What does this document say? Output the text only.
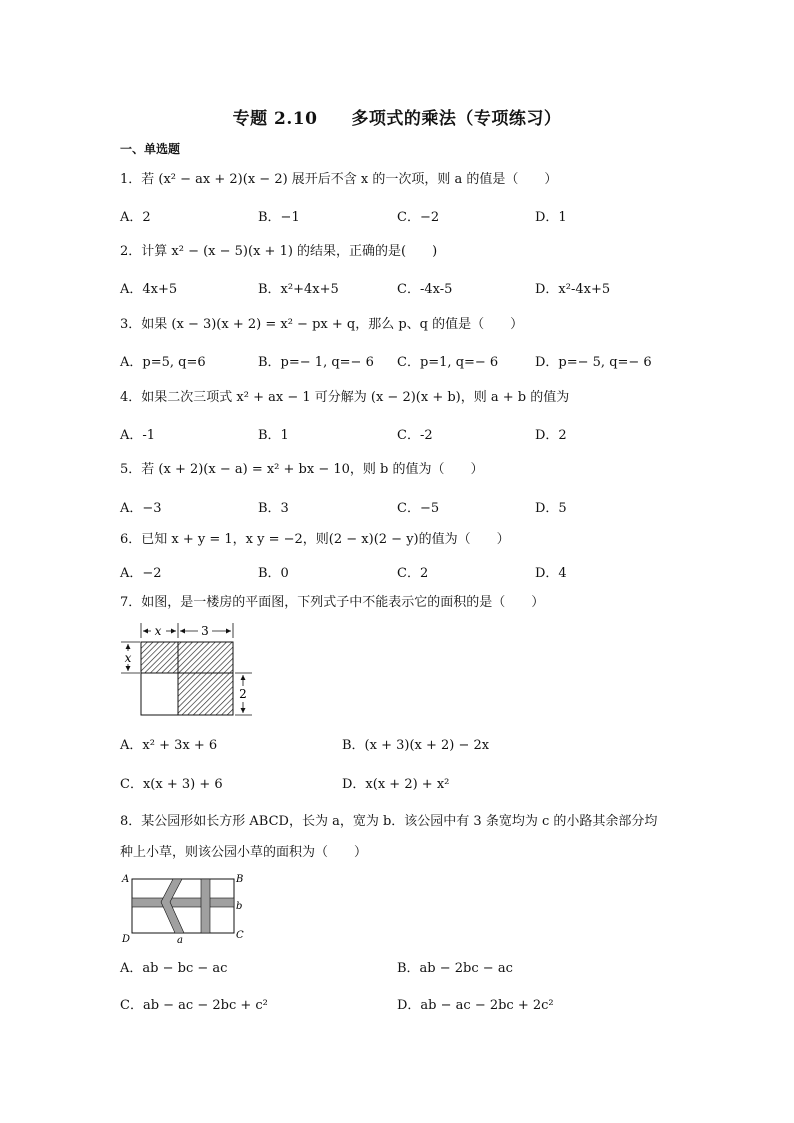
专题 2.10 多项式的乘法（专项练习）
一、单选题
1．若 (x² − ax + 2)(x − 2) 展开后不含 x 的一次项，则 a 的值是（　　）
A．2	B．−1	C．−2	D．1
2．计算 x² − (x − 5)(x + 1) 的结果，正确的是(　　)
A．4x+5	B．x²+4x+5	C．-4x-5	D．x²-4x+5
3．如果 (x − 3)(x + 2) = x² − px + q，那么 p、q 的值是（　　）
A．p=5, q=6	B．p=− 1, q=− 6 C．p=1, q=− 6	D．p=− 5, q=− 6
4．如果二次三项式 x² + ax − 1 可分解为 (x − 2)(x + b)，则 a + b 的值为
A．-1	B．1	C．-2	D．2
5．若 (x + 2)(x − a) = x² + bx − 10，则 b 的值为（　　）
A．−3	B．3	C．−5	D．5
6．已知 x + y = 1，x y = −2，则(2 − x)(2 − y)的值为（　　）
A．−2	B．0	C．2	D．4
7．如图，是一楼房的平面图，下列式子中不能表示它的面积的是（　　）
x	3
x
2
A．x² + 3x + 6	B．(x + 3)(x + 2) − 2x
C．x(x + 3) + 6	D．x(x + 2) + x²
8．某公园形如长方形 ABCD，长为 a，宽为 b．该公园中有 3 条宽均为 c 的小路其余部分均
种上小草，则该公园小草的面积为（　　）
A	B
C
D
b
a
A．ab − bc − ac	B．ab − 2bc − ac
C．ab − ac − 2bc + c²	D．ab − ac − 2bc + 2c²
